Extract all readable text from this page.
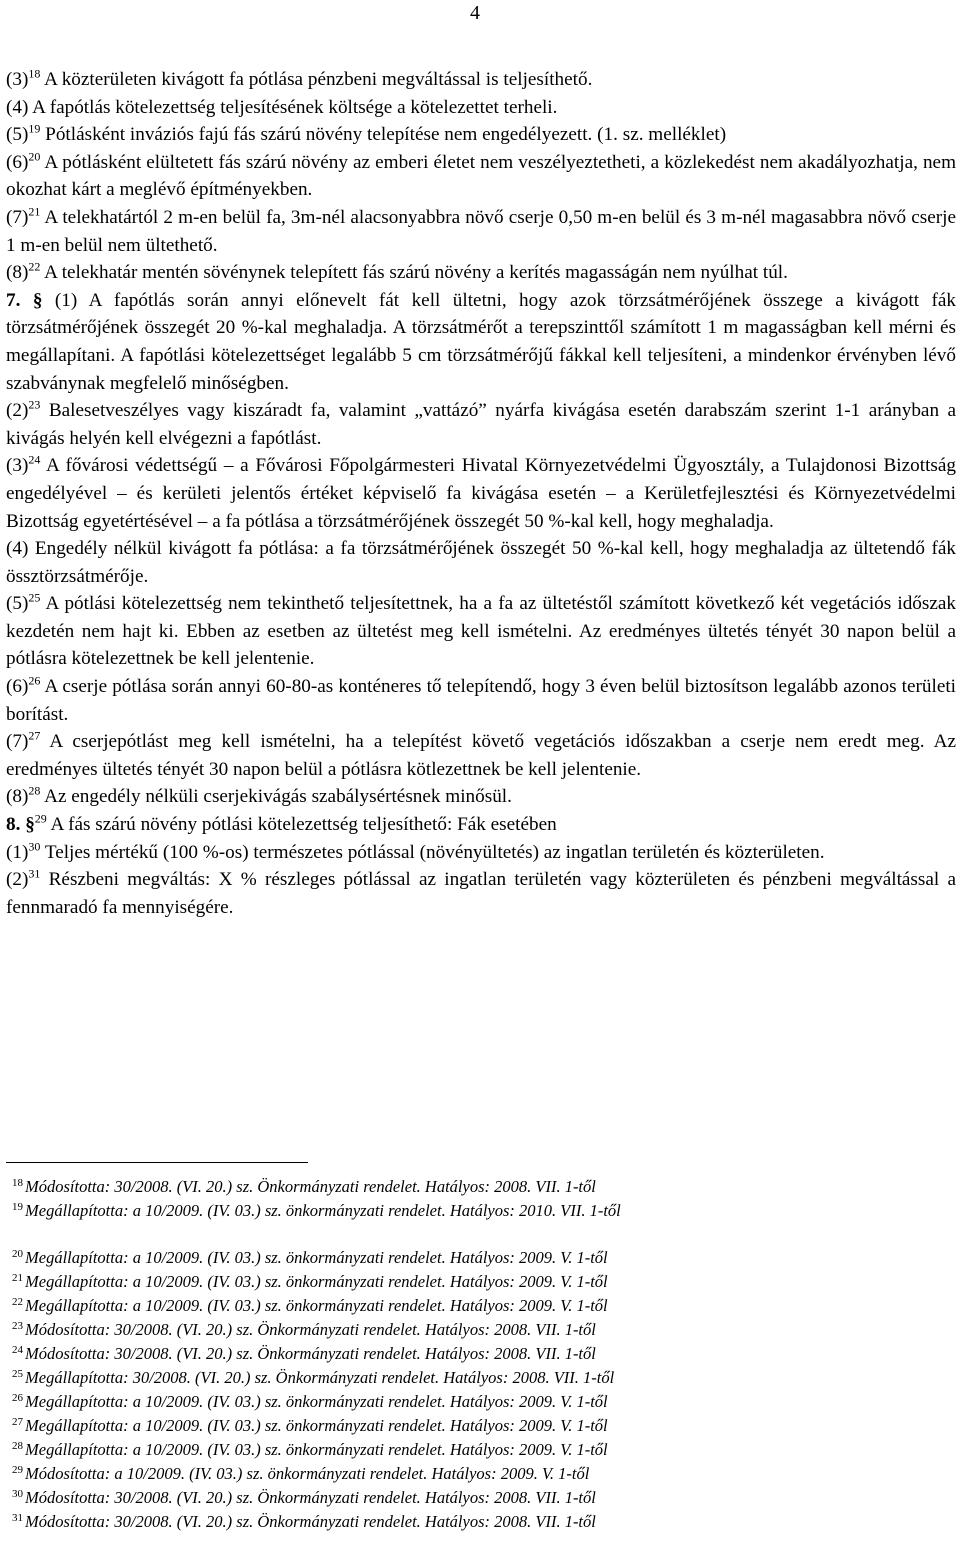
4

(3)$^{18}$ A közterületen kivágott fa pótlása pénzbeni megváltással is teljesíthető.

(4) A fapótlás kötelezettség teljesítésének költsége a kötelezettet terheli.

(5)$^{19}$ Pótlásként inváziós fajú fás szárú növény telepítése nem engedélyezett. (1. sz. melléklet)

(6)$^{20}$ A pótlásként elültetett fás szárú növény az emberi életet nem veszélyeztetheti, a közlekedést nem akadályozhatja, nem okozhat kárt a meglévő építményekben.

(7)$^{21}$ A telekhatártól 2 m-en belül fa, 3m-nél alacsonyabbra növő cserje 0,50 m-en belül és 3 m-nél magasabbra növő cserje 1 m-en belül nem ültethető.

(8)$^{22}$ A telekhatár mentén sövénynek telepített fás szárú növény a kerítés magasságán nem nyúlhat túl.

7. § (1) A fapótlás során annyi előnevelt fát kell ültetni, hogy azok törzsátmérőjének összege a kivágott fák törzsátmérőjének összegét 20 %-kal meghaladja. A törzsátmérőt a terepszinttől számított 1 m magasságban kell mérni és megállapítani. A fapótlási kötelezettséget legalább 5 cm törzsátmérőjű fákkal kell teljesíteni, a mindenkor érvényben lévő szabványnak megfelelő minőségben.

(2)$^{23}$ Balesetveszélyes vagy kiszáradt fa, valamint „vattázó” nyárfa kivágása esetén darabszám szerint 1-1 arányban a kivágás helyén kell elvégezni a fapótlást.

(3)$^{24}$ A fővárosi védettségű – a Fővárosi Főpolgármesteri Hivatal Környezetvédelmi Ügyosztály, a Tulajdonosi Bizottság engedélyével – és kerületi jelentős értéket képviselő fa kivágása esetén – a Kerületfejlesztési és Környezetvédelmi Bizottság egyetértésével – a fa pótlása a törzsátmérőjének összegét 50 %-kal kell, hogy meghaladja.

(4) Engedély nélkül kivágott fa pótlása: a fa törzsátmérőjének összegét 50 %-kal kell, hogy meghaladja az ültetendő fák össztörzsátmérője.

(5)$^{25}$ A pótlási kötelezettség nem tekinthető teljesítettnek, ha a fa az ültetéstől számított következő két vegetációs időszak kezdetén nem hajt ki. Ebben az esetben az ültetést meg kell ismételni. Az eredményes ültetés tényét 30 napon belül a pótlásra kötelezettnek be kell jelentenie.

(6)$^{26}$ A cserje pótlása során annyi 60-80-as konténeres tő telepítendő, hogy 3 éven belül biztosítson legalább azonos területi borítást.

(7)$^{27}$ A cserjepótlást meg kell ismételni, ha a telepítést követő vegetációs időszakban a cserje nem eredt meg. Az eredményes ültetés tényét 30 napon belül a pótlásra kötlezettnek be kell jelentenie.

(8)$^{28}$ Az engedély nélküli cserjekivágás szabálysértésnek minősül.

8. §$^{29}$ A fás szárú növény pótlási kötelezettség teljesíthető: Fák esetében

(1)$^{30}$ Teljes mértékű (100 %-os) természetes pótlással (növényültetés) az ingatlan területén és közterületen.

(2)$^{31}$ Részbeni megváltás: X % részleges pótlással az ingatlan területén vagy közterületen és pénzbeni megváltással a fennmaradó fa mennyiségére.

$^{18}$ Módosította: 30/2008. (VI. 20.) sz. Önkormányzati rendelet. Hatályos: 2008. VII. 1-től
$^{19}$ Megállapította: a 10/2009. (IV. 03.) sz. önkormányzati rendelet. Hatályos: 2010. VII. 1-től
$^{20}$ Megállapította: a 10/2009. (IV. 03.) sz. önkormányzati rendelet. Hatályos: 2009. V. 1-től
$^{21}$ Megállapította: a 10/2009. (IV. 03.) sz. önkormányzati rendelet. Hatályos: 2009. V. 1-től
$^{22}$ Megállapította: a 10/2009. (IV. 03.) sz. önkormányzati rendelet. Hatályos: 2009. V. 1-től
$^{23}$ Módosította: 30/2008. (VI. 20.) sz. Önkormányzati rendelet. Hatályos: 2008. VII. 1-től
$^{24}$ Módosította: 30/2008. (VI. 20.) sz. Önkormányzati rendelet. Hatályos: 2008. VII. 1-től
$^{25}$ Megállapította: 30/2008. (VI. 20.) sz. Önkormányzati rendelet. Hatályos: 2008. VII. 1-től
$^{26}$ Megállapította: a 10/2009. (IV. 03.) sz. önkormányzati rendelet. Hatályos: 2009. V. 1-től
$^{27}$ Megállapította: a 10/2009. (IV. 03.) sz. önkormányzati rendelet. Hatályos: 2009. V. 1-től
$^{28}$ Megállapította: a 10/2009. (IV. 03.) sz. önkormányzati rendelet. Hatályos: 2009. V. 1-től
$^{29}$ Módosította: a 10/2009. (IV. 03.) sz. önkormányzati rendelet. Hatályos: 2009. V. 1-től
$^{30}$ Módosította: 30/2008. (VI. 20.) sz. Önkormányzati rendelet. Hatályos: 2008. VII. 1-től
$^{31}$ Módosította: 30/2008. (VI. 20.) sz. Önkormányzati rendelet. Hatályos: 2008. VII. 1-től
